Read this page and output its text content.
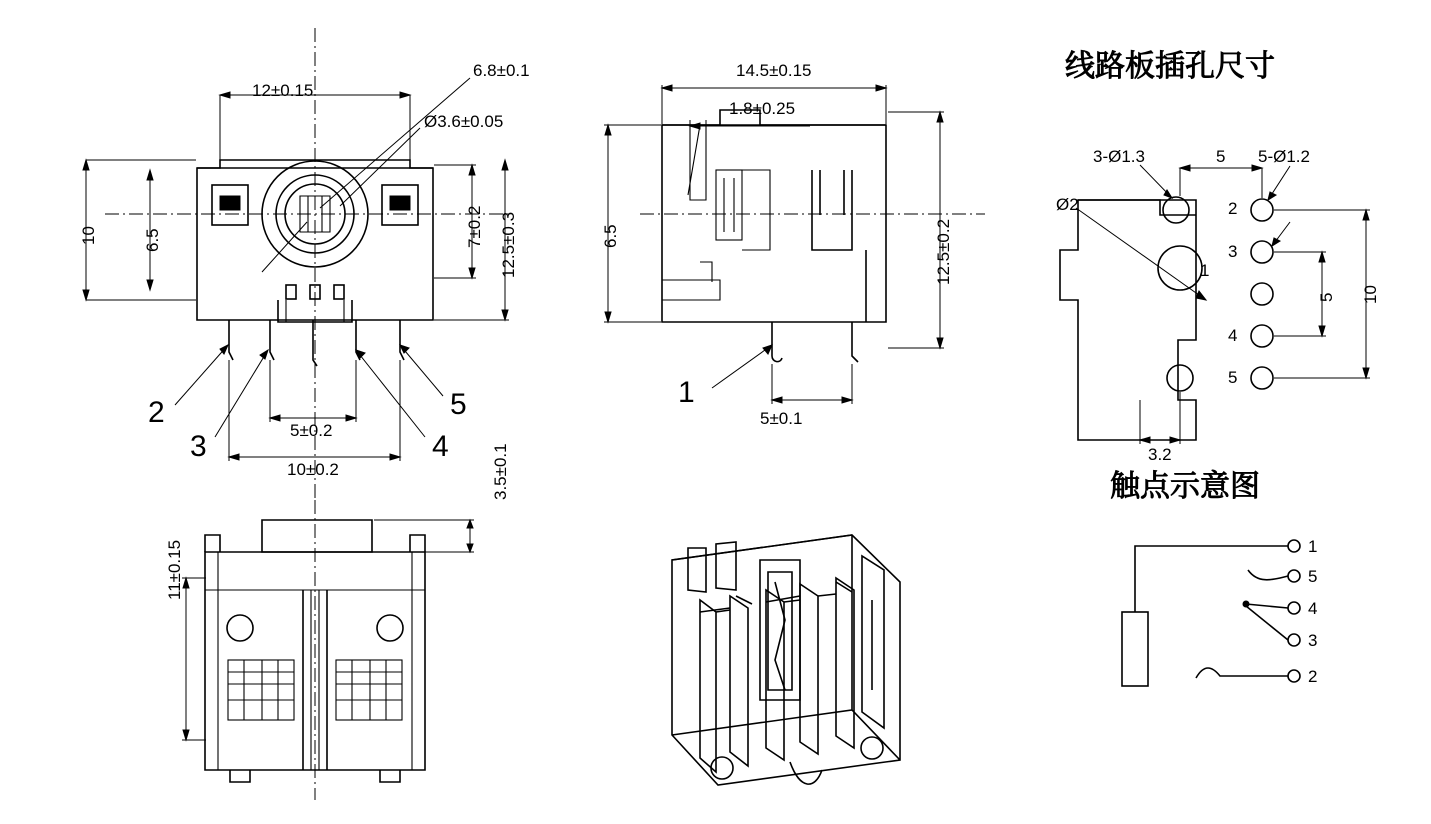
线路板插孔尺寸
触点示意图
12±0.15
6.8±0.1
Ø3.6±0.05
10	6.5	7±0.2 12.5±0.3
5±0.2
10±0.2
2
3	4
5
14.5±0.15
1.8±0.25
6.5	12.5±0.2
5±0.1
1
3.5±0.1
11±0.15
3-Ø1.3	5 5-Ø1.2
Ø2
5 10
3.2
1
2
3
4
5
1
5
4
3
2
